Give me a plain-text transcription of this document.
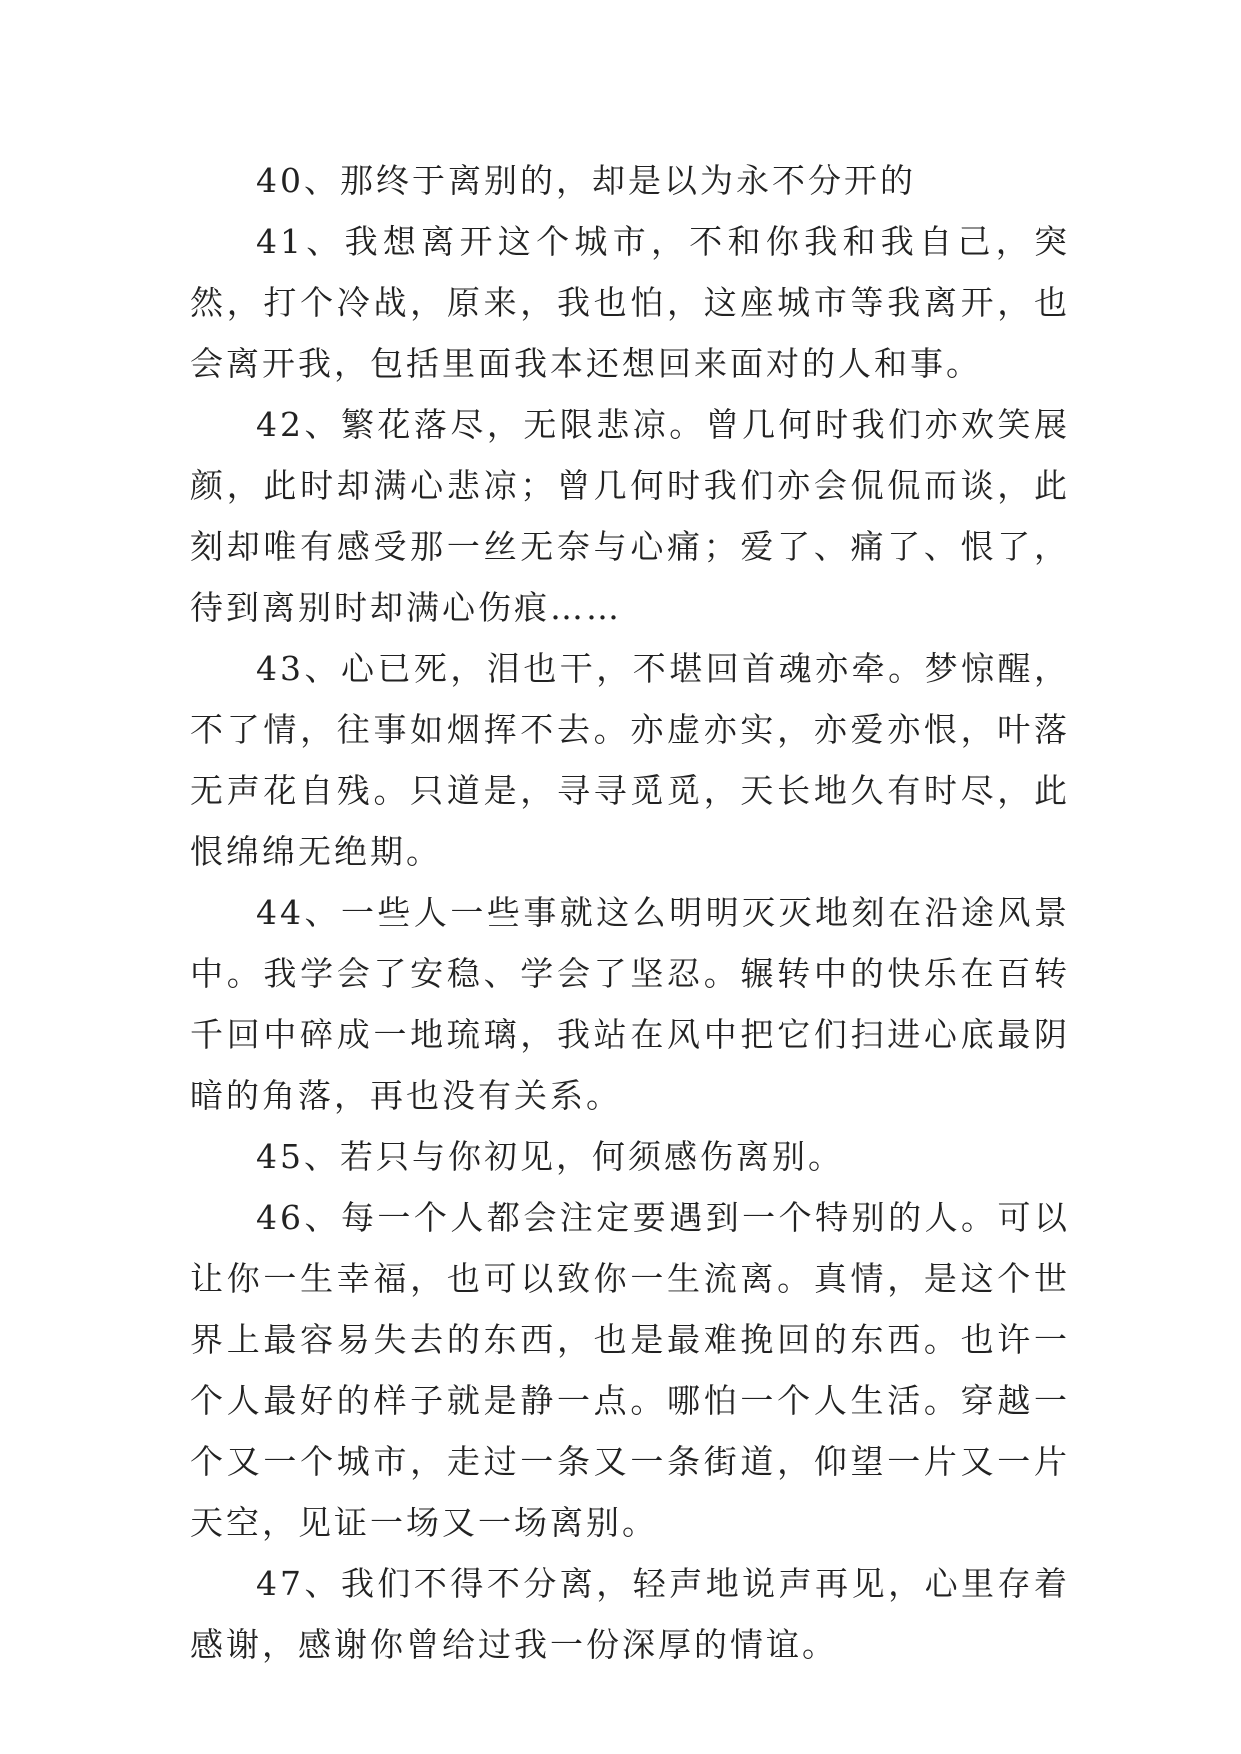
40、那终于离别的，却是以为永不分开的

41、我想离开这个城市，不和你我和我自己，突然，打个冷战，原来，我也怕，这座城市等我离开，也会离开我，包括里面我本还想回来面对的人和事。

42、繁花落尽，无限悲凉。曾几何时我们亦欢笑展颜，此时却满心悲凉；曾几何时我们亦会侃侃而谈，此刻却唯有感受那一丝无奈与心痛；爱了、痛了、恨了，待到离别时却满心伤痕……

43、心已死，泪也干，不堪回首魂亦牵。梦惊醒，不了情，往事如烟挥不去。亦虚亦实，亦爱亦恨，叶落无声花自残。只道是，寻寻觅觅，天长地久有时尽，此恨绵绵无绝期。

44、一些人一些事就这么明明灭灭地刻在沿途风景中。我学会了安稳、学会了坚忍。辗转中的快乐在百转千回中碎成一地琉璃，我站在风中把它们扫进心底最阴暗的角落，再也没有关系。

45、若只与你初见，何须感伤离别。

46、每一个人都会注定要遇到一个特别的人。可以让你一生幸福，也可以致你一生流离。真情，是这个世界上最容易失去的东西，也是最难挽回的东西。也许一个人最好的样子就是静一点。哪怕一个人生活。穿越一个又一个城市，走过一条又一条街道，仰望一片又一片天空，见证一场又一场离别。

47、我们不得不分离，轻声地说声再见，心里存着感谢，感谢你曾给过我一份深厚的情谊。
